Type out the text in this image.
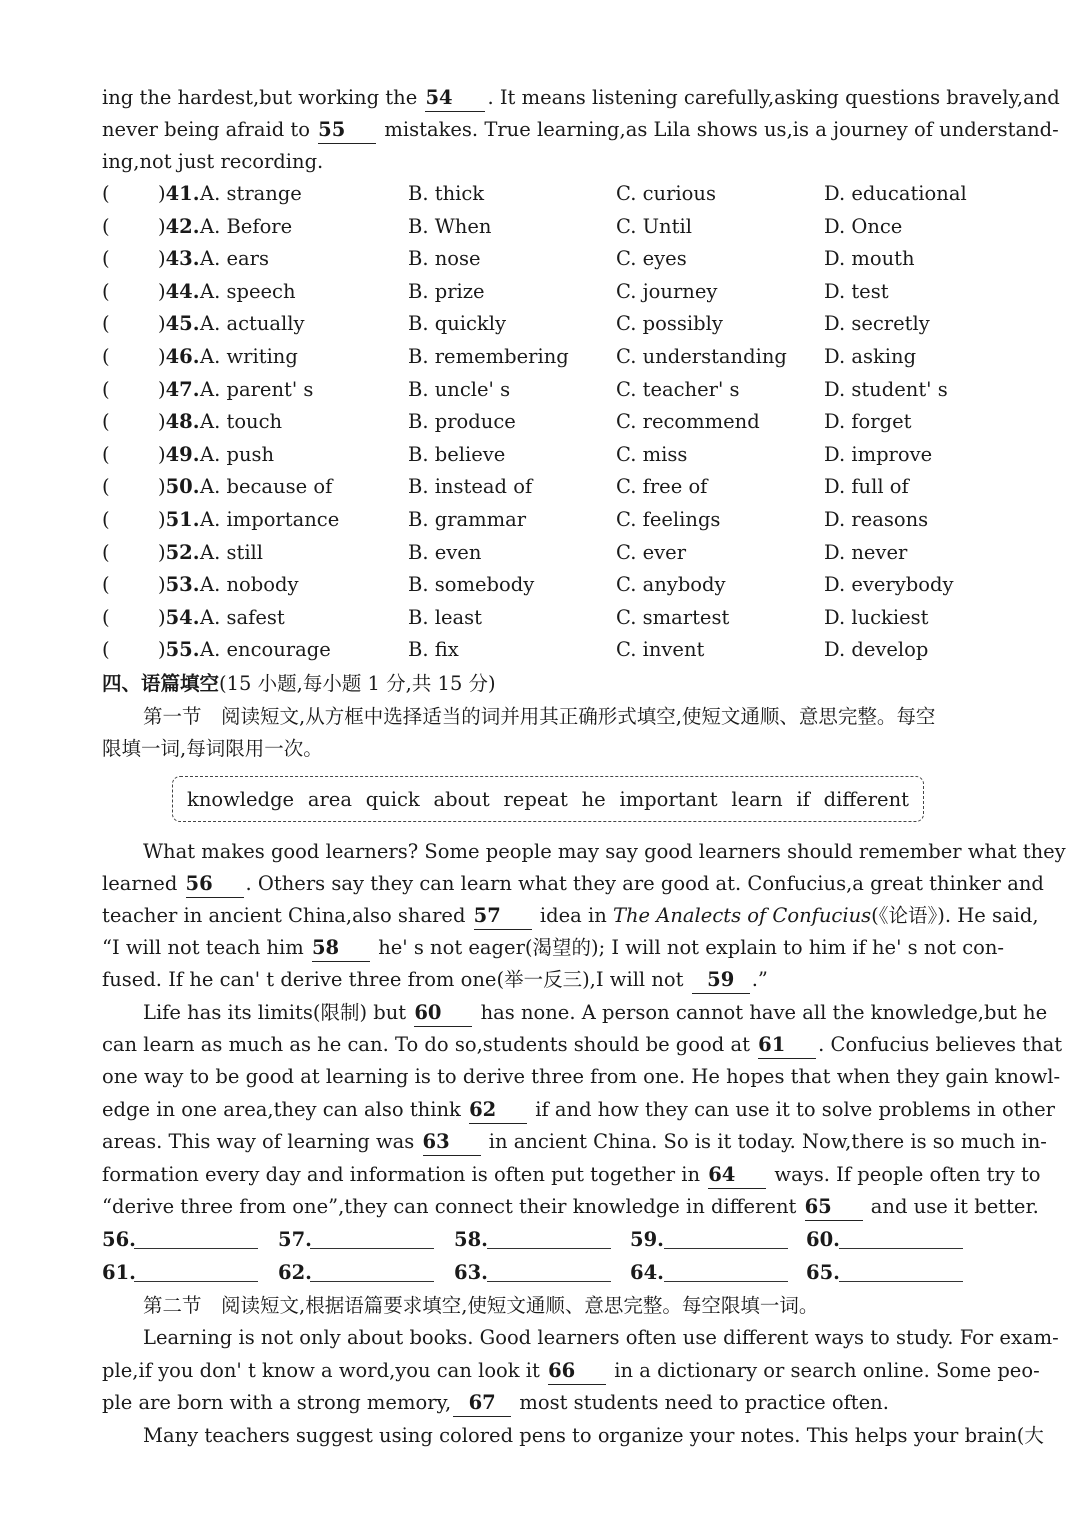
ing the hardest,but working the 54 . It means listening carefully,asking questions bravely,and
never being afraid to 55 mistakes. True learning,as Lila shows us,is a journey of understand-
ing,not just recording.
( )41. A. strange	B. thick	C. curious	D. educational
( )42. A. Before	B. When	C. Until	D. Once
( )43. A. ears	B. nose	C. eyes	D. mouth
( )44. A. speech	B. prize	C. journey	D. test
( )45. A. actually	B. quickly	C. possibly	D. secretly
( )46. A. writing	B. remembering C. understanding D. asking
( )47. A. parent' s	B. uncle' s	C. teacher' s	D. student' s
( )48. A. touch	B. produce	C. recommend	D. forget
( )49. A. push	B. believe	C. miss	D. improve
( )50. A. because of	B. instead of	C. free of	D. full of
( )51. A. importance	B. grammar	C. feelings	D. reasons
( )52. A. still	B. even	C. ever	D. never
( )53. A. nobody	B. somebody	C. anybody	D. everybody
( )54. A. safest	B. least	C. smartest	D. luckiest
( )55. A. encourage	B. fix	C. invent	D. develop
四、语篇填空(15 小题,每小题 1 分,共 15 分)
第一节　阅读短文,从方框中选择适当的词并用其正确形式填空,使短文通顺、意思完整。每空
限填一词,每词限用一次。
knowledge area quick about repeat he important learn if different
What makes good learners? Some people may say good learners should remember what they
learned 56 . Others say they can learn what they are good at. Confucius,a great thinker and
teacher in ancient China,also shared 57 idea in The Analects of Confucius(《论语》). He said,
“I will not teach him 58 he' s not eager(渴望的); I will not explain to him if he' s not con-
fused. If he can' t derive three from one(举一反三),I will not 59 .”
Life has its limits(限制) but 60 has none. A person cannot have all the knowledge,but he
can learn as much as he can. To do so,students should be good at 61 . Confucius believes that
one way to be good at learning is to derive three from one. He hopes that when they gain knowl-
edge in one area,they can also think 62 if and how they can use it to solve problems in other
areas. This way of learning was 63 in ancient China. So is it today. Now,there is so much in-
formation every day and information is often put together in 64 ways. If people often try to
“derive three from one”,they can connect their knowledge in different 65 and use it better.
56.	57.	58.	59.	60.
61.	62.	63.	64.	65.
第二节　阅读短文,根据语篇要求填空,使短文通顺、意思完整。每空限填一词。
Learning is not only about books. Good learners often use different ways to study. For exam-
ple,if you don' t know a word,you can look it 66 in a dictionary or search online. Some peo-
ple are born with a strong memory, 67 most students need to practice often.
Many teachers suggest using colored pens to organize your notes. This helps your brain(大
